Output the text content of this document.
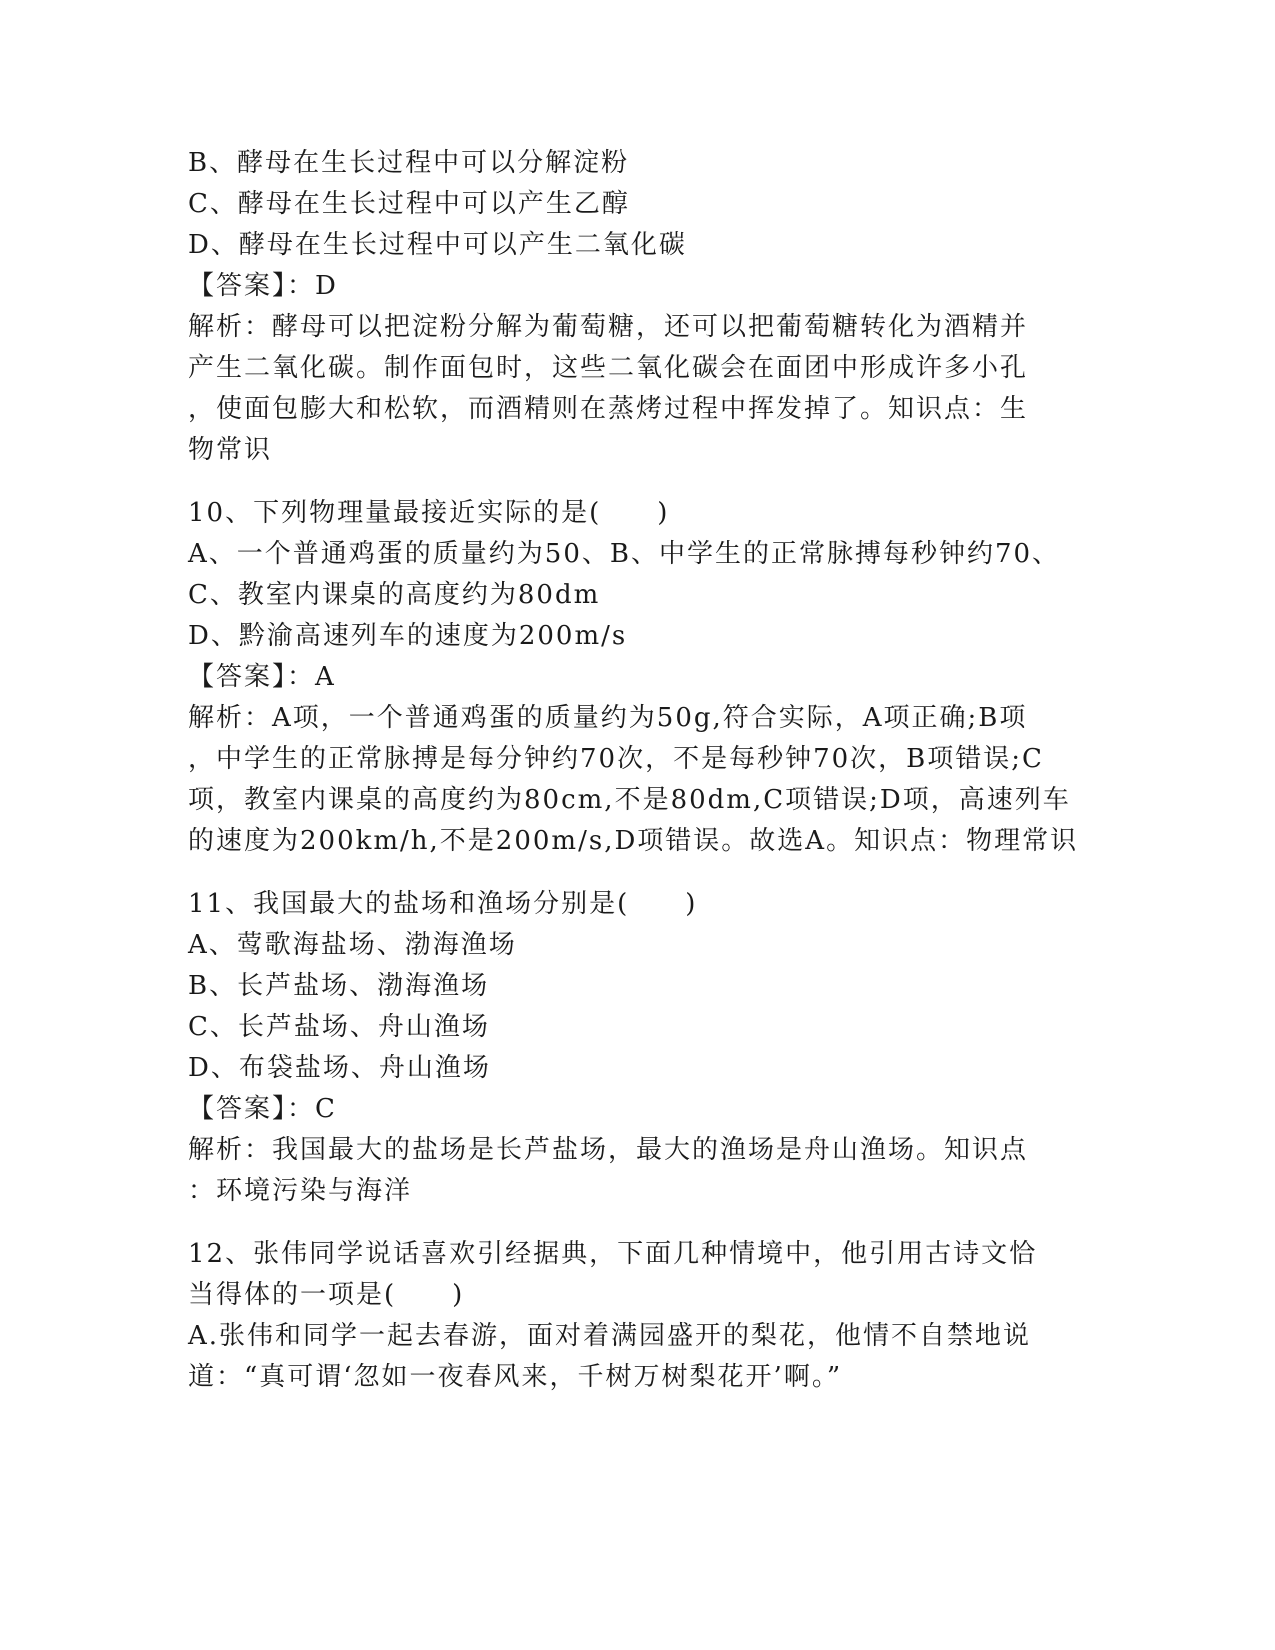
B、酵母在生长过程中可以分解淀粉
C、酵母在生长过程中可以产生乙醇
D、酵母在生长过程中可以产生二氧化碳
【答案】：D
解析：酵母可以把淀粉分解为葡萄糖，还可以把葡萄糖转化为酒精并
产生二氧化碳。制作面包时，这些二氧化碳会在面团中形成许多小孔
，使面包膨大和松软，而酒精则在蒸烤过程中挥发掉了。知识点：生
物常识
10、下列物理量最接近实际的是(　　)
A、一个普通鸡蛋的质量约为50、B、中学生的正常脉搏每秒钟约70、
C、教室内课桌的高度约为80dm
D、黔渝高速列车的速度为200m/s
【答案】：A
解析：A项，一个普通鸡蛋的质量约为50g,符合实际，A项正确;B项
，中学生的正常脉搏是每分钟约70次，不是每秒钟70次，B项错误;C
项，教室内课桌的高度约为80cm,不是80dm,C项错误;D项，高速列车
的速度为200km/h,不是200m/s,D项错误。故选A。知识点：物理常识
11、我国最大的盐场和渔场分别是(　　)
A、莺歌海盐场、渤海渔场
B、长芦盐场、渤海渔场
C、长芦盐场、舟山渔场
D、布袋盐场、舟山渔场
【答案】：C
解析：我国最大的盐场是长芦盐场，最大的渔场是舟山渔场。知识点
：环境污染与海洋
12、张伟同学说话喜欢引经据典，下面几种情境中，他引用古诗文恰
当得体的一项是(　　)
A.张伟和同学一起去春游，面对着满园盛开的梨花，他情不自禁地说
道：“真可谓‘忽如一夜春风来，千树万树梨花开’啊。”
